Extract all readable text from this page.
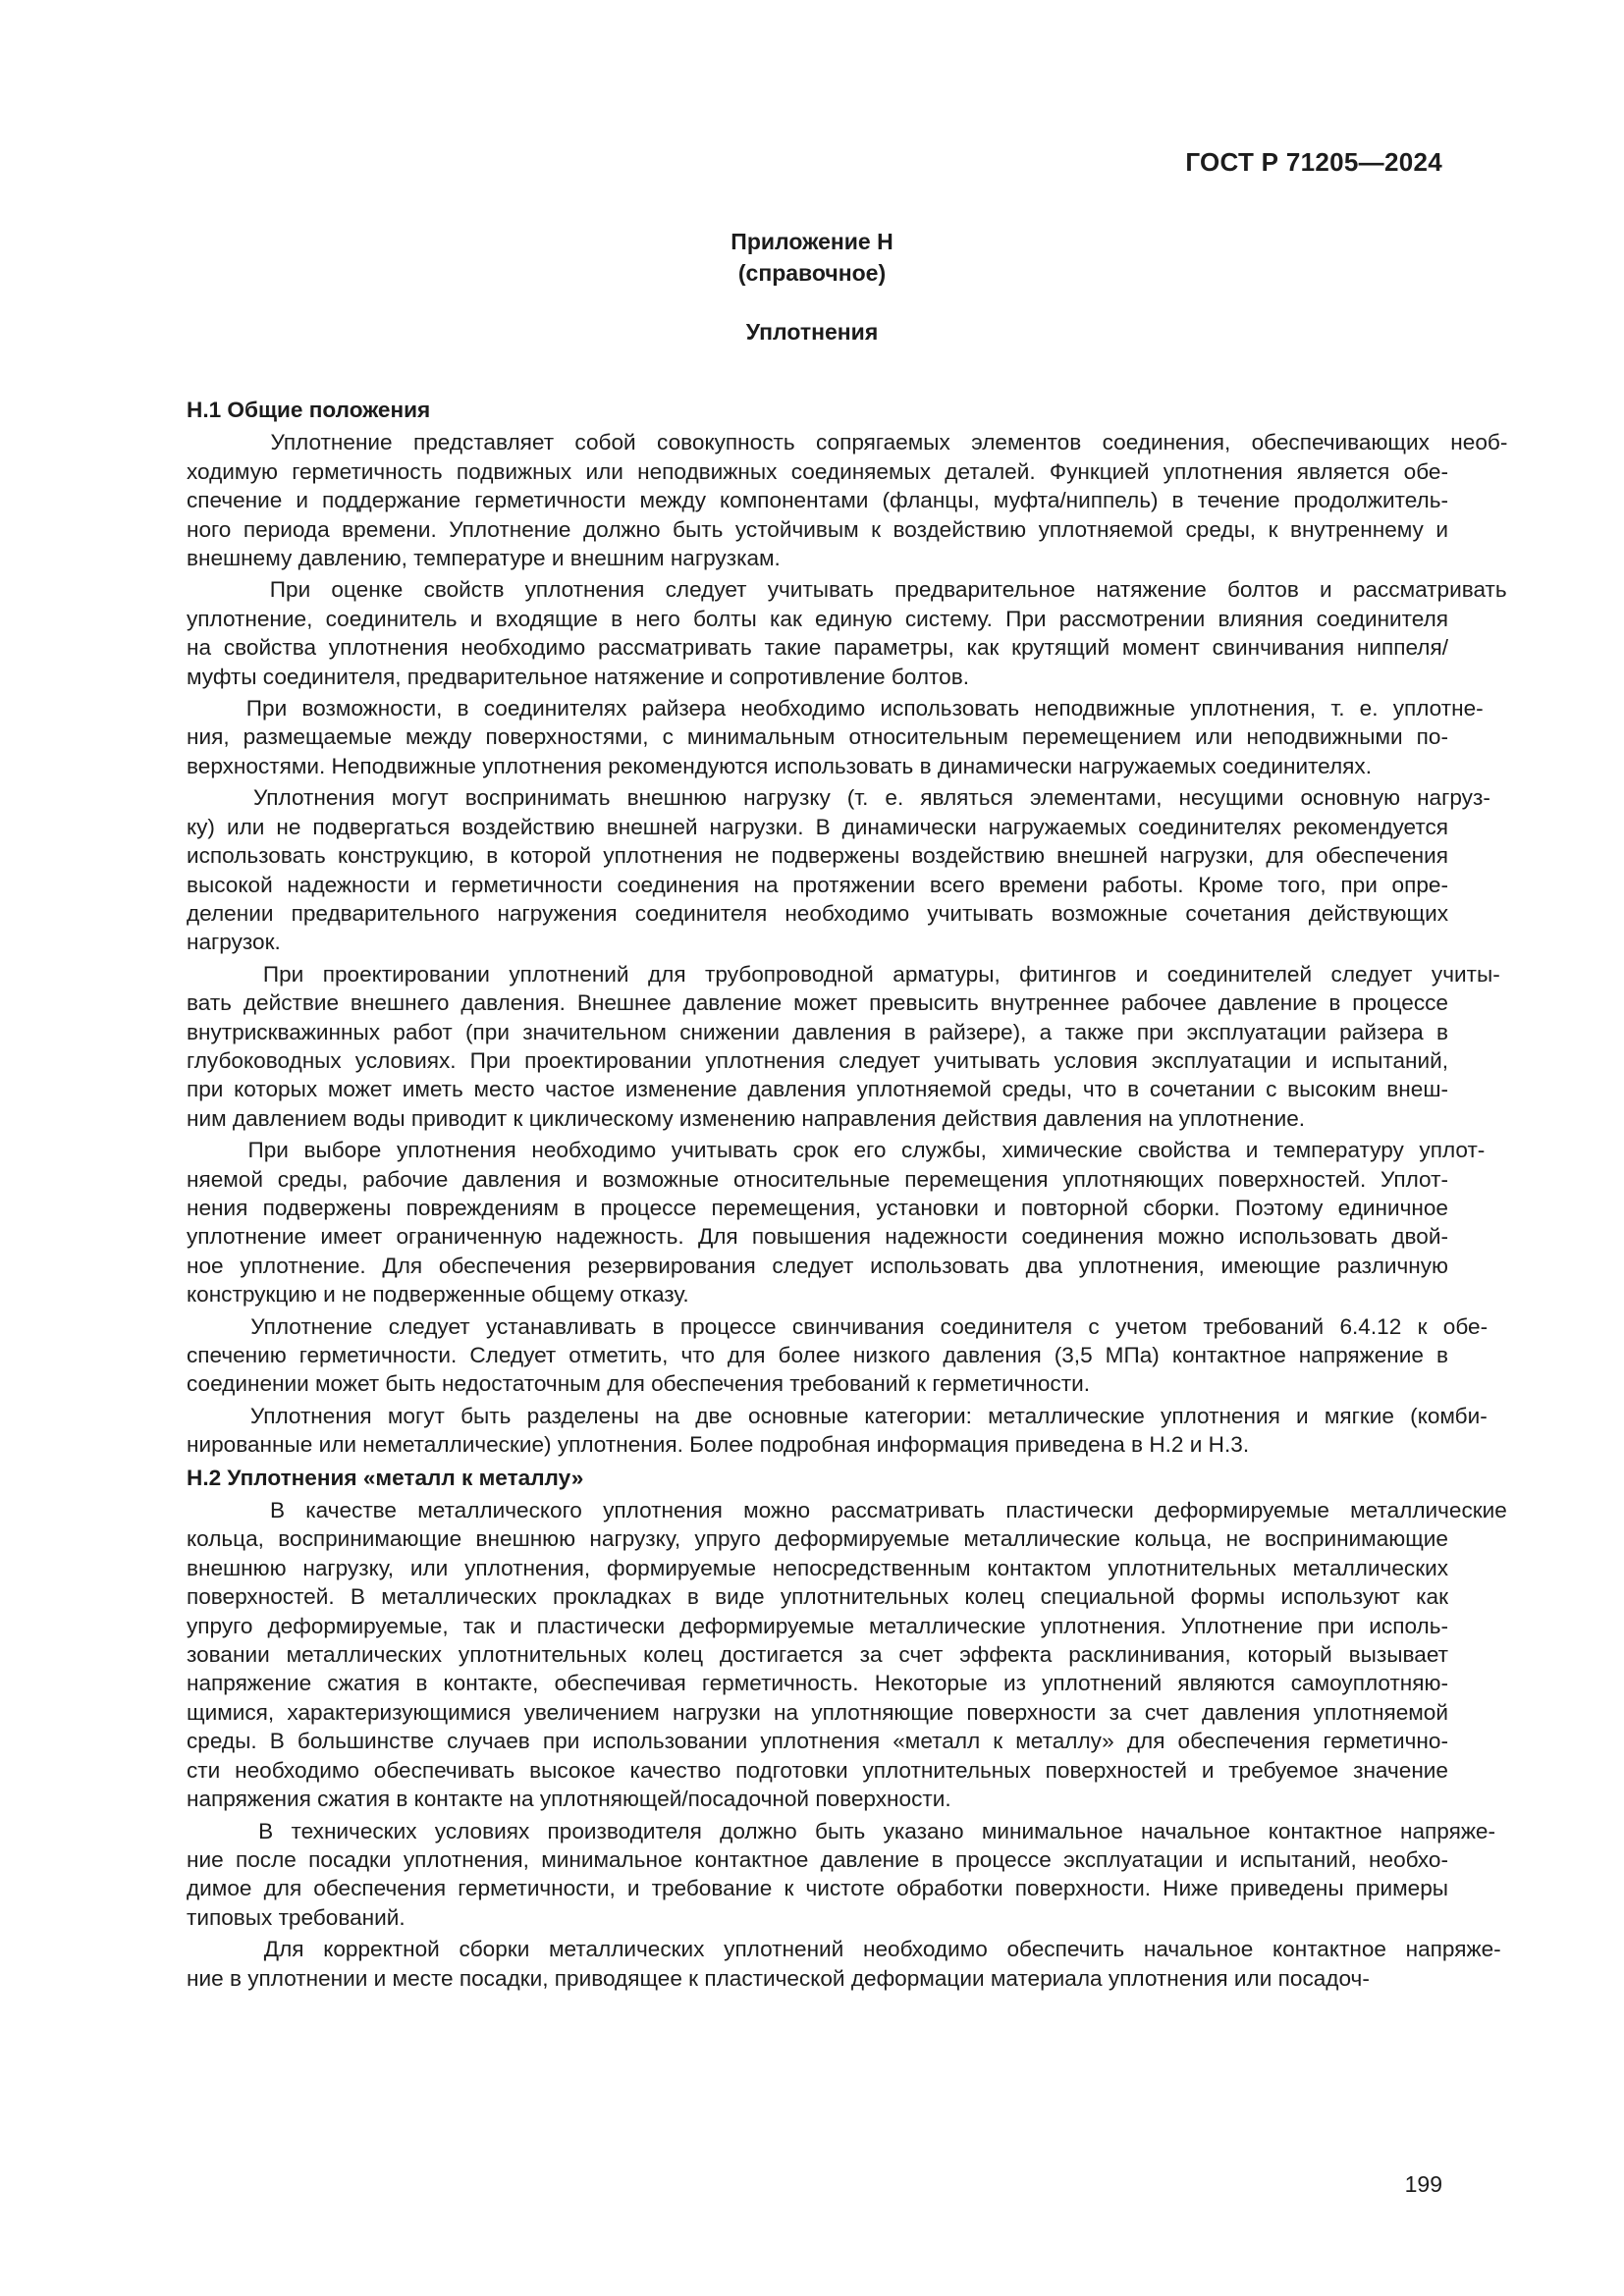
ГОСТ Р 71205—2024
Приложение Н
(справочное)
Уплотнения
Н.1 Общие положения
Уплотнение представляет собой совокупность сопрягаемых элементов соединения, обеспечивающих необ-
ходимую герметичность подвижных или неподвижных соединяемых деталей. Функцией уплотнения является обе-
спечение и поддержание герметичности между компонентами (фланцы, муфта/ниппель) в течение продолжитель-
ного периода времени. Уплотнение должно быть устойчивым к воздействию уплотняемой среды, к внутреннему и
внешнему давлению, температуре и внешним нагрузкам.
При оценке свойств уплотнения следует учитывать предварительное натяжение болтов и рассматривать
уплотнение, соединитель и входящие в него болты как единую систему. При рассмотрении влияния соединителя
на свойства уплотнения необходимо рассматривать такие параметры, как крутящий момент свинчивания ниппеля/
муфты соединителя, предварительное натяжение и сопротивление болтов.
При возможности, в соединителях райзера необходимо использовать неподвижные уплотнения, т. е. уплотне-
ния, размещаемые между поверхностями, с минимальным относительным перемещением или неподвижными по-
верхностями. Неподвижные уплотнения рекомендуются использовать в динамически нагружаемых соединителях.
Уплотнения могут воспринимать внешнюю нагрузку (т. е. являться элементами, несущими основную нагруз-
ку) или не подвергаться воздействию внешней нагрузки. В динамически нагружаемых соединителях рекомендуется
использовать конструкцию, в которой уплотнения не подвержены воздействию внешней нагрузки, для обеспечения
высокой надежности и герметичности соединения на протяжении всего времени работы. Кроме того, при опре-
делении предварительного нагружения соединителя необходимо учитывать возможные сочетания действующих
нагрузок.
При проектировании уплотнений для трубопроводной арматуры, фитингов и соединителей следует учиты-
вать действие внешнего давления. Внешнее давление может превысить внутреннее рабочее давление в процессе
внутрискважинных работ (при значительном снижении давления в райзере), а также при эксплуатации райзера в
глубоководных условиях. При проектировании уплотнения следует учитывать условия эксплуатации и испытаний,
при которых может иметь место частое изменение давления уплотняемой среды, что в сочетании с высоким внеш-
ним давлением воды приводит к циклическому изменению направления действия давления на уплотнение.
При выборе уплотнения необходимо учитывать срок его службы, химические свойства и температуру уплот-
няемой среды, рабочие давления и возможные относительные перемещения уплотняющих поверхностей. Уплот-
нения подвержены повреждениям в процессе перемещения, установки и повторной сборки. Поэтому единичное
уплотнение имеет ограниченную надежность. Для повышения надежности соединения можно использовать двой-
ное уплотнение. Для обеспечения резервирования следует использовать два уплотнения, имеющие различную
конструкцию и не подверженные общему отказу.
Уплотнение следует устанавливать в процессе свинчивания соединителя с учетом требований 6.4.12 к обе-
спечению герметичности. Следует отметить, что для более низкого давления (3,5 МПа) контактное напряжение в
соединении может быть недостаточным для обеспечения требований к герметичности.
Уплотнения могут быть разделены на две основные категории: металлические уплотнения и мягкие (комби-
нированные или неметаллические) уплотнения. Более подробная информация приведена в Н.2 и Н.3.
Н.2 Уплотнения «металл к металлу»
В качестве металлического уплотнения можно рассматривать пластически деформируемые металлические
кольца, воспринимающие внешнюю нагрузку, упруго деформируемые металлические кольца, не воспринимающие
внешнюю нагрузку, или уплотнения, формируемые непосредственным контактом уплотнительных металлических
поверхностей. В металлических прокладках в виде уплотнительных колец специальной формы используют как
упруго деформируемые, так и пластически деформируемые металлические уплотнения. Уплотнение при исполь-
зовании металлических уплотнительных колец достигается за счет эффекта расклинивания, который вызывает
напряжение сжатия в контакте, обеспечивая герметичность. Некоторые из уплотнений являются самоуплотняю-
щимися, характеризующимися увеличением нагрузки на уплотняющие поверхности за счет давления уплотняемой
среды. В большинстве случаев при использовании уплотнения «металл к металлу» для обеспечения герметично-
сти необходимо обеспечивать высокое качество подготовки уплотнительных поверхностей и требуемое значение
напряжения сжатия в контакте на уплотняющей/посадочной поверхности.
В технических условиях производителя должно быть указано минимальное начальное контактное напряже-
ние после посадки уплотнения, минимальное контактное давление в процессе эксплуатации и испытаний, необхо-
димое для обеспечения герметичности, и требование к чистоте обработки поверхности. Ниже приведены примеры
типовых требований.
Для корректной сборки металлических уплотнений необходимо обеспечить начальное контактное напряже-
ние в уплотнении и месте посадки, приводящее к пластической деформации материала уплотнения или посадоч-
199
